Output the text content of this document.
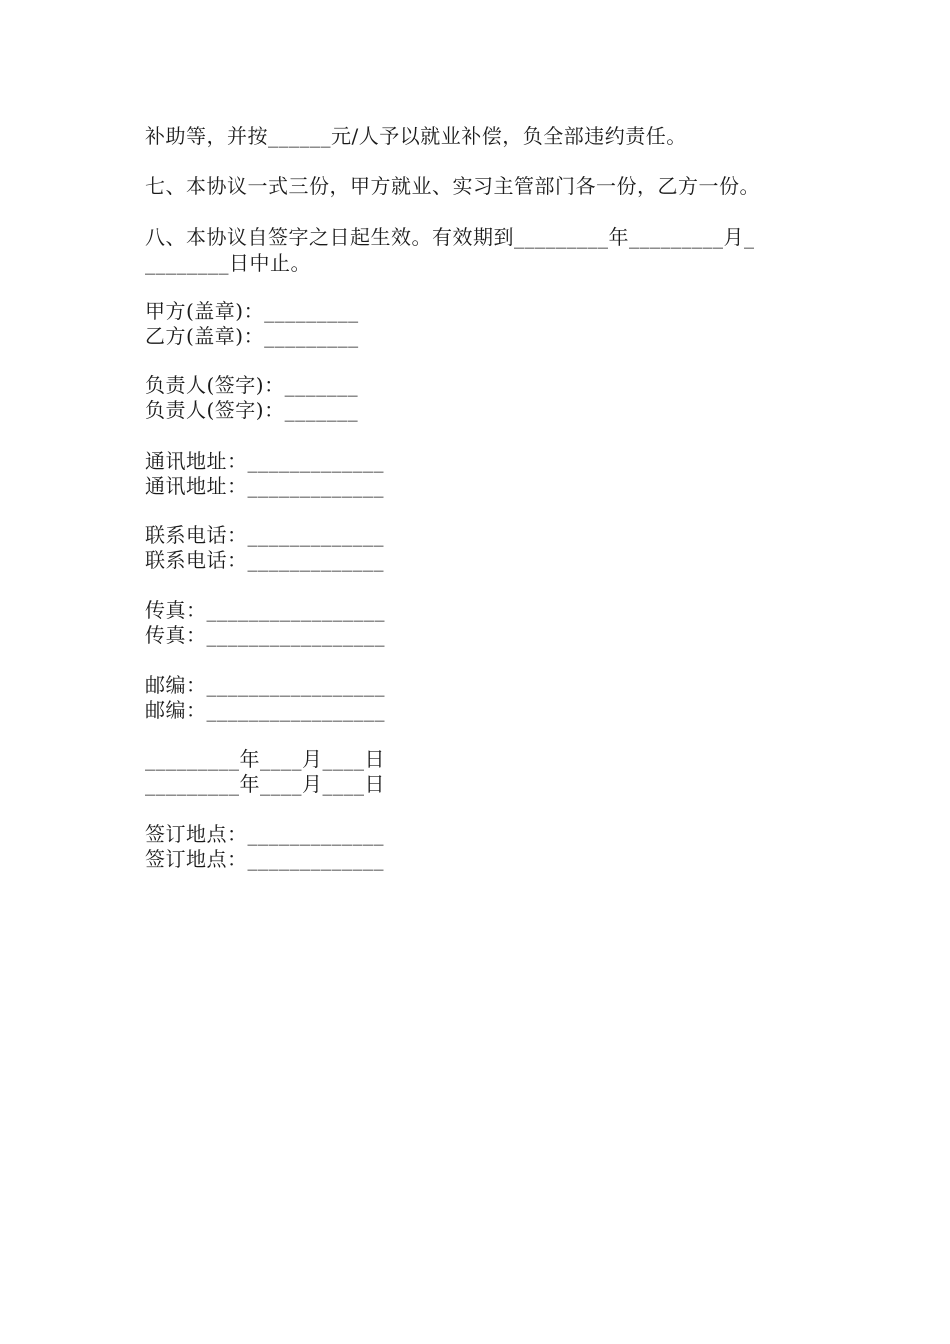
补助等，并按______元/人予以就业补偿，负全部违约责任。
七、本协议一式三份，甲方就业、实习主管部门各一份，乙方一份。
八、本协议自签字之日起生效。有效期到_________年_________月_
________日中止。
甲方(盖章)：_________
乙方(盖章)：_________
负责人(签字)：_______
负责人(签字)：_______
通讯地址：_____________
通讯地址：_____________
联系电话：_____________
联系电话：_____________
传真：_________________
传真：_________________
邮编：_________________
邮编：_________________
_________年____月____日
_________年____月____日
签订地点：_____________
签订地点：_____________
